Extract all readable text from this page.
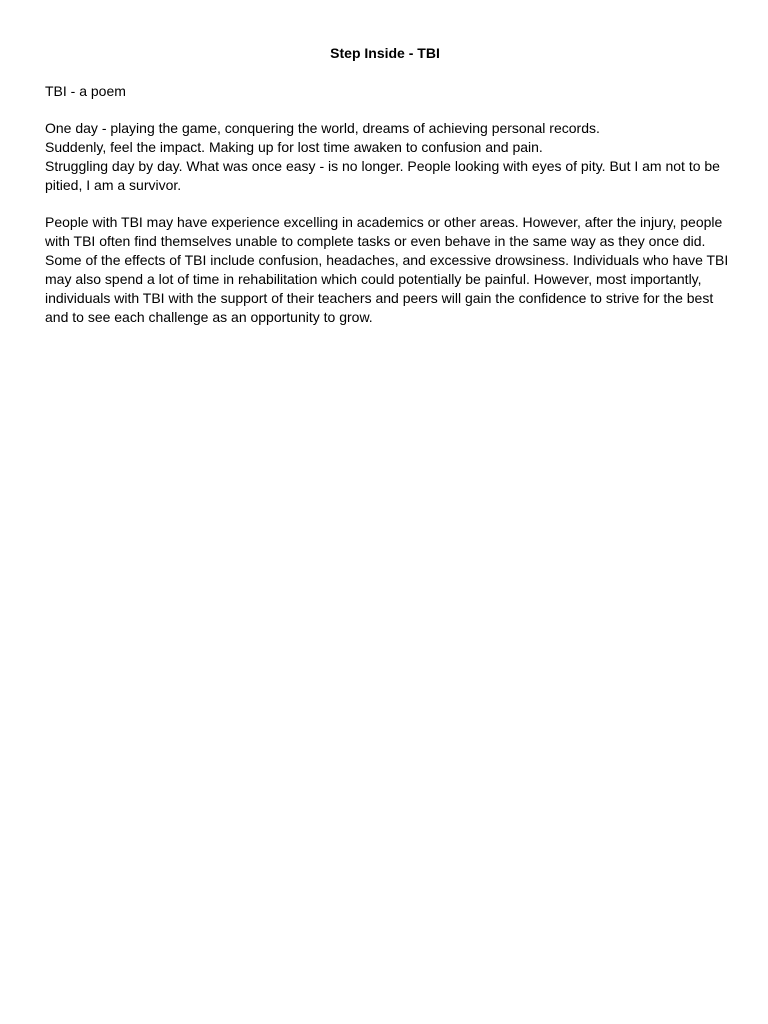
Step Inside - TBI
TBI - a poem
One day - playing the game, conquering the world, dreams of achieving personal records.
Suddenly, feel the impact. Making up for lost time awaken to confusion and pain.
Struggling day by day. What was once easy - is no longer. People looking with eyes of pity. But I am not to be
pitied, I am a survivor.
People with TBI may have experience excelling in academics or other areas. However, after the injury, people
with TBI often find themselves unable to complete tasks or even behave in the same way as they once did.
Some of the effects of TBI include confusion, headaches, and excessive drowsiness. Individuals who have TBI
may also spend a lot of time in rehabilitation which could potentially be painful. However, most importantly,
individuals with TBI with the support of their teachers and peers will gain the confidence to strive for the best
and to see each challenge as an opportunity to grow.
